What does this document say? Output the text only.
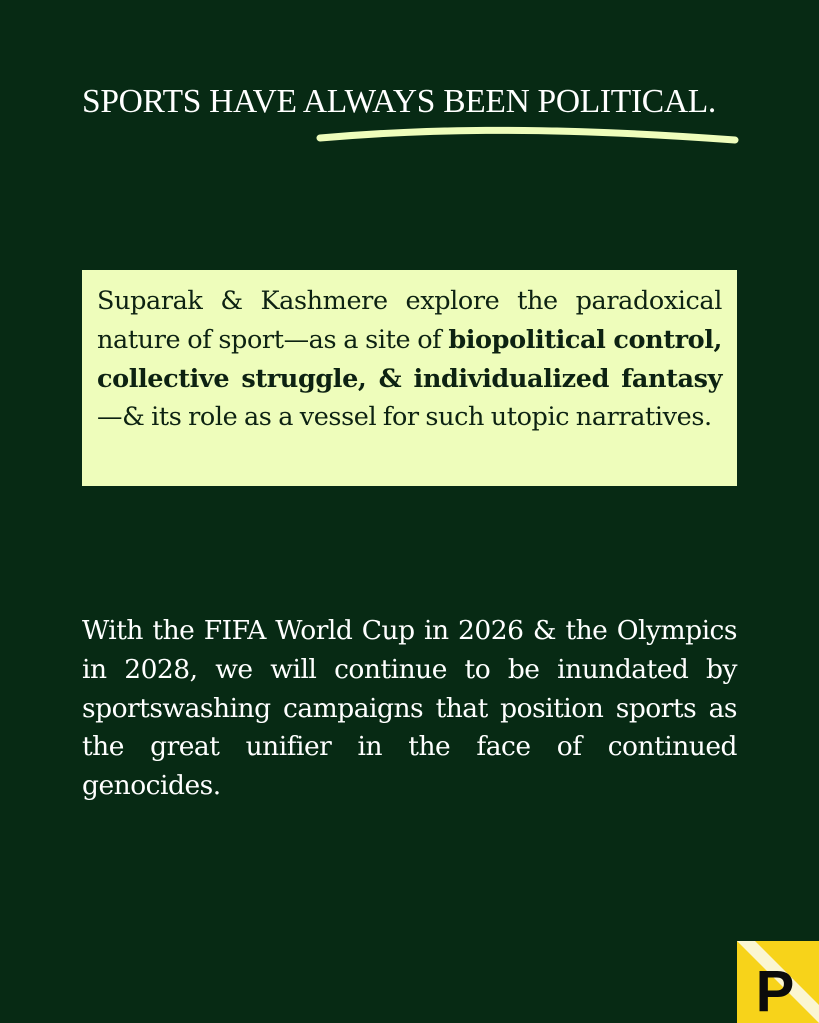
SPORTS HAVE ALWAYS BEEN POLITICAL.

Suparak & Kashmere explore the paradoxical nature of sport—as a site of biopolitical control, collective struggle, & individualized fantasy—& its role as a vessel for such utopic narratives.

With the FIFA World Cup in 2026 & the Olympics in 2028, we will continue to be inundated by sportswashing campaigns that position sports as the great unifier in the face of continued genocides.

P
